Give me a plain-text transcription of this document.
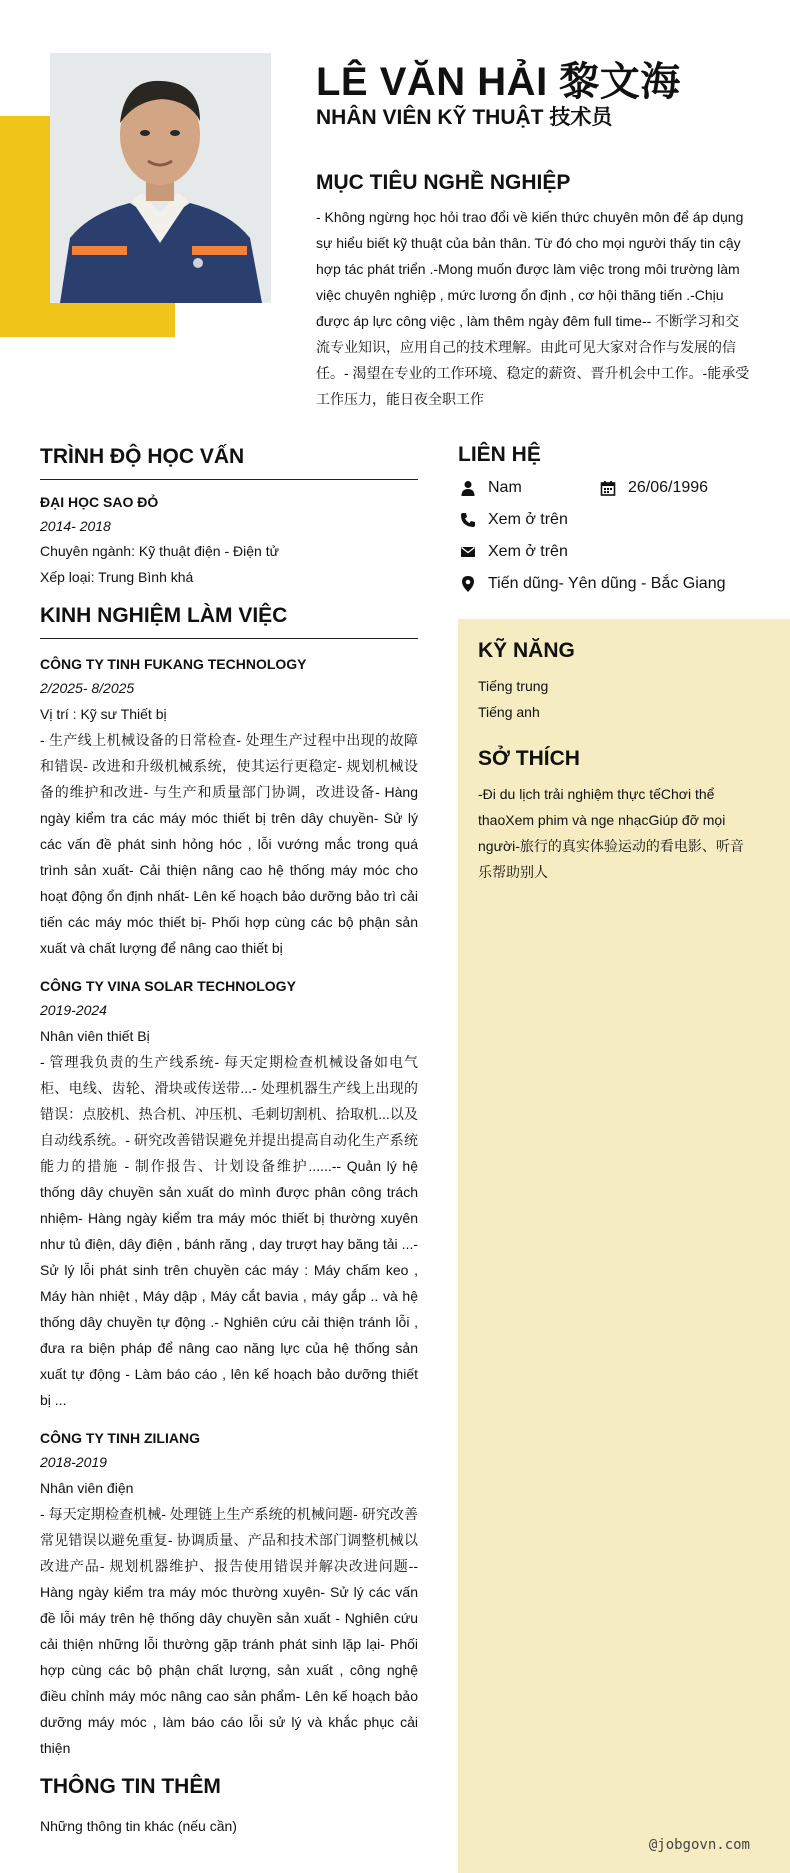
LÊ VĂN HẢI 黎文海
NHÂN VIÊN KỸ THUẬT 技术员
MỤC TIÊU NGHỀ NGHIỆP
- Không ngừng học hỏi trao đổi về kiến thức chuyên môn để áp dụng sự hiểu biết kỹ thuật của bản thân. Từ đó cho mọi người thấy tin cậy hợp tác phát triển .-Mong muốn được làm việc trong môi trường làm việc chuyên nghiệp , mức lương ổn định , cơ hội thăng tiến .-Chịu được áp lực công việc , làm thêm ngày đêm full time-- 不断学习和交流专业知识，应用自己的技术理解。由此可见大家对合作与发展的信任。- 渴望在专业的工作环境、稳定的薪资、晋升机会中工作。-能承受工作压力，能日夜全职工作
TRÌNH ĐỘ HỌC VẤN
ĐẠI HỌC SAO ĐỎ
2014- 2018
Chuyên ngành: Kỹ thuật điện - Điện tử
Xếp loại: Trung Bình khá
KINH NGHIỆM LÀM VIỆC
CÔNG TY TINH FUKANG TECHNOLOGY
2/2025- 8/2025
Vị trí : Kỹ sư Thiết bị
- 生产线上机械设备的日常检查- 处理生产过程中出现的故障和错误- 改进和升级机械系统，使其运行更稳定- 规划机械设备的维护和改进- 与生产和质量部门协调，改进设备- Hàng ngày kiểm tra các máy móc thiết bị trên dây chuyền- Sử lý các vấn đề phát sinh hỏng hóc , lỗi vướng mắc trong quá trình sản xuất- Cải thiện nâng cao hệ thống máy móc cho hoạt động ổn định nhất- Lên kế hoạch bảo dưỡng bảo trì cải tiến các máy móc thiết bị- Phối hợp cùng các bộ phận sản xuất và chất lượng để nâng cao thiết bị
CÔNG TY VINA SOLAR TECHNOLOGY
2019-2024
Nhân viên thiết Bị
- 管理我负责的生产线系统- 每天定期检查机械设备如电气柜、电线、齿轮、滑块或传送带...- 处理机器生产线上出现的错误：点胶机、热合机、冲压机、毛刺切割机、拾取机...以及自动线系统。- 研究改善错误避免并提出提高自动化生产系统能力的措施 - 制作报告、计划设备维护......-- Quản lý hệ thống dây chuyền sản xuất do mình được phân công trách nhiệm- Hàng ngày kiểm tra máy móc thiết bị thường xuyên như tủ điện, dây điện , bánh răng , day trượt hay băng tải ...- Sử lý lỗi phát sinh trên chuyền các máy : Máy chấm keo , Máy hàn nhiệt , Máy dập , Máy cắt bavia , máy gắp .. và hệ thống dây chuyền tự động .- Nghiên cứu cải thiện tránh lỗi , đưa ra biện pháp để nâng cao năng lực của hệ thống sản xuất tự động - Làm báo cáo , lên kế hoạch bảo dưỡng thiết bị ...
CÔNG TY TINH ZILIANG
2018-2019
Nhân viên điện
- 每天定期检查机械- 处理链上生产系统的机械问题- 研究改善常见错误以避免重复- 协调质量、产品和技术部门调整机械以改进产品- 规划机器维护、报告使用错误并解决改进问题-- Hàng ngày kiểm tra máy móc thường xuyên- Sử lý các vấn đề lỗi máy trên hệ thống dây chuyền sản xuất - Nghiên cứu cải thiện những lỗi thường gặp tránh phát sinh lặp lại- Phối hợp cùng các bộ phận chất lượng, sản xuất , công nghệ điều chỉnh máy móc nâng cao sản phẩm- Lên kế hoạch bảo dưỡng máy móc , làm báo cáo lỗi sử lý và khắc phục cải thiện
THÔNG TIN THÊM
Những thông tin khác (nếu cần)
LIÊN HỆ
Nam	26/06/1996
Xem ở trên
Xem ở trên
Tiến dũng- Yên dũng - Bắc Giang
KỸ NĂNG
Tiếng trung
Tiếng anh
SỞ THÍCH
-Đi du lịch trải nghiệm thực tếChơi thể thaoXem phim và nge nhạcGiúp đỡ mọi người-旅行的真实体验运动的看电影、听音乐帮助别人
@jobgovn.com
